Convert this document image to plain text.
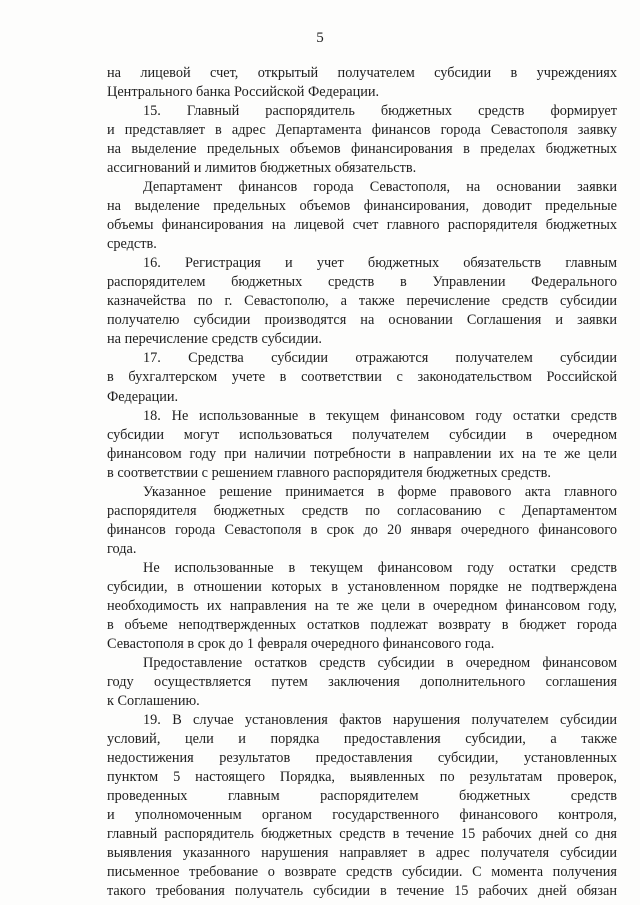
5

на лицевой счет, открытый получателем субсидии в учреждениях

Центрального банка Российской Федерации.

15. Главный распорядитель бюджетных средств формирует

и представляет в адрес Департамента финансов города Севастополя заявку

на выделение предельных объемов финансирования в пределах бюджетных

ассигнований и лимитов бюджетных обязательств.

Департамент финансов города Севастополя, на основании заявки

на выделение предельных объемов финансирования, доводит предельные

объемы финансирования на лицевой счет главного распорядителя бюджетных

средств.

16. Регистрация и учет бюджетных обязательств главным

распорядителем бюджетных средств в Управлении Федерального

казначейства по г. Севастополю, а также перечисление средств субсидии

получателю субсидии производятся на основании Соглашения и заявки

на перечисление средств субсидии.

17. Средства субсидии отражаются получателем субсидии

в бухгалтерском учете в соответствии с законодательством Российской

Федерации.

18. Не использованные в текущем финансовом году остатки средств

субсидии могут использоваться получателем субсидии в очередном

финансовом году при наличии потребности в направлении их на те же цели

в соответствии с решением главного распорядителя бюджетных средств.

Указанное решение принимается в форме правового акта главного

распорядителя бюджетных средств по согласованию с Департаментом

финансов города Севастополя в срок до 20 января очередного финансового

года.

Не использованные в текущем финансовом году остатки средств

субсидии, в отношении которых в установленном порядке не подтверждена

необходимость их направления на те же цели в очередном финансовом году,

в объеме неподтвержденных остатков подлежат возврату в бюджет города

Севастополя в срок до 1 февраля очередного финансового года.

Предоставление остатков средств субсидии в очередном финансовом

году осуществляется путем заключения дополнительного соглашения

к Соглашению.

19. В случае установления фактов нарушения получателем субсидии

условий, цели и порядка предоставления субсидии, а также

недостижения результатов предоставления субсидии, установленных

пунктом 5 настоящего Порядка, выявленных по результатам проверок,

проведенных главным распорядителем бюджетных средств

и уполномоченным органом государственного финансового контроля,

главный распорядитель бюджетных средств в течение 15 рабочих дней со дня

выявления указанного нарушения направляет в адрес получателя субсидии

письменное требование о возврате средств субсидии. С момента получения

такого требования получатель субсидии в течение 15 рабочих дней обязан
